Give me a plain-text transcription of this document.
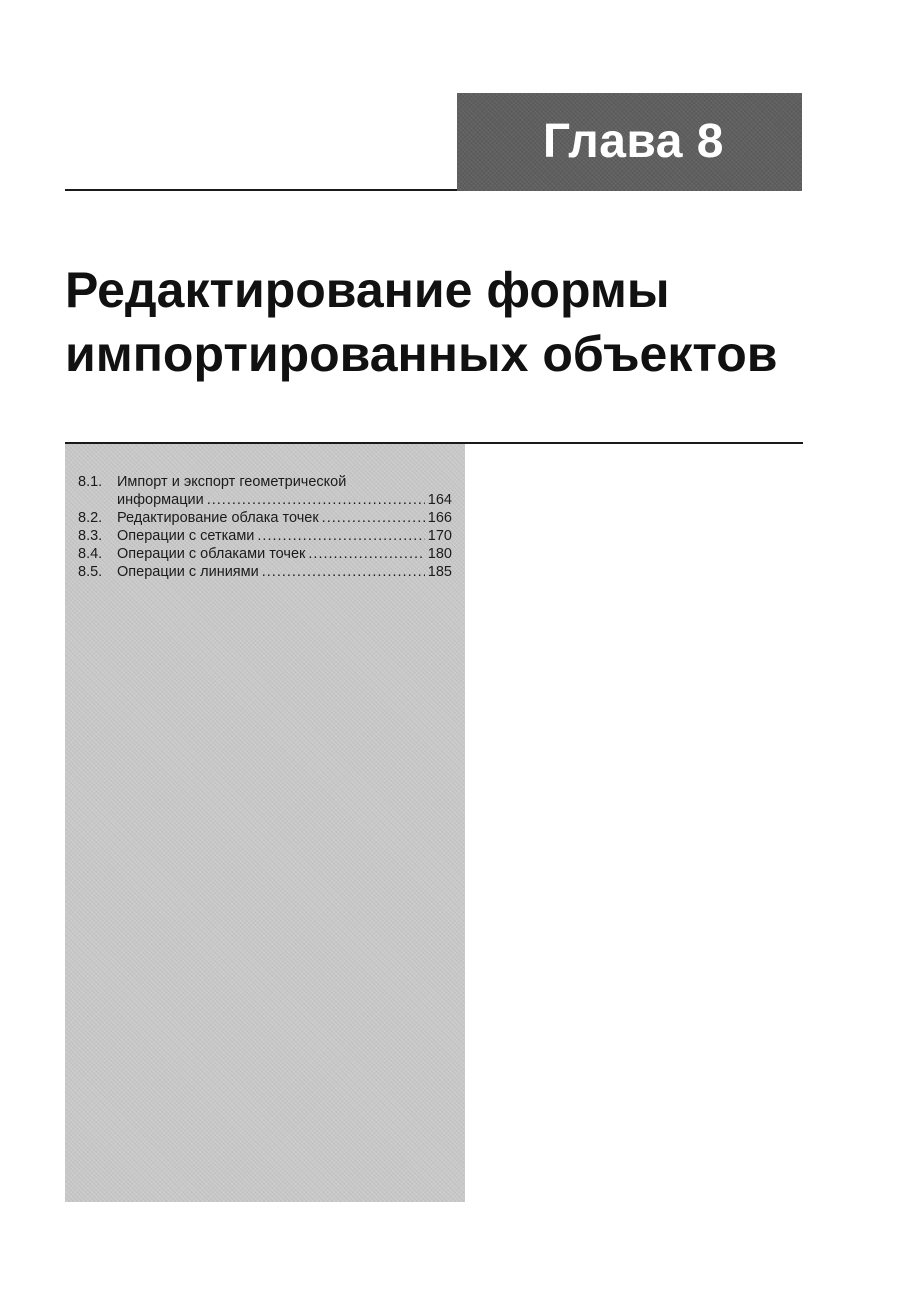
Глава 8
Редактирование формы
импортированных объектов
8.1.	Импорт и экспорт геометрической
информации .....	164
8.2.	Редактирование облака точек .....	166
8.3.	Операции с сетками .....	170
8.4.	Операции с облаками точек .....	180
8.5.	Операции с линиями .....	185
